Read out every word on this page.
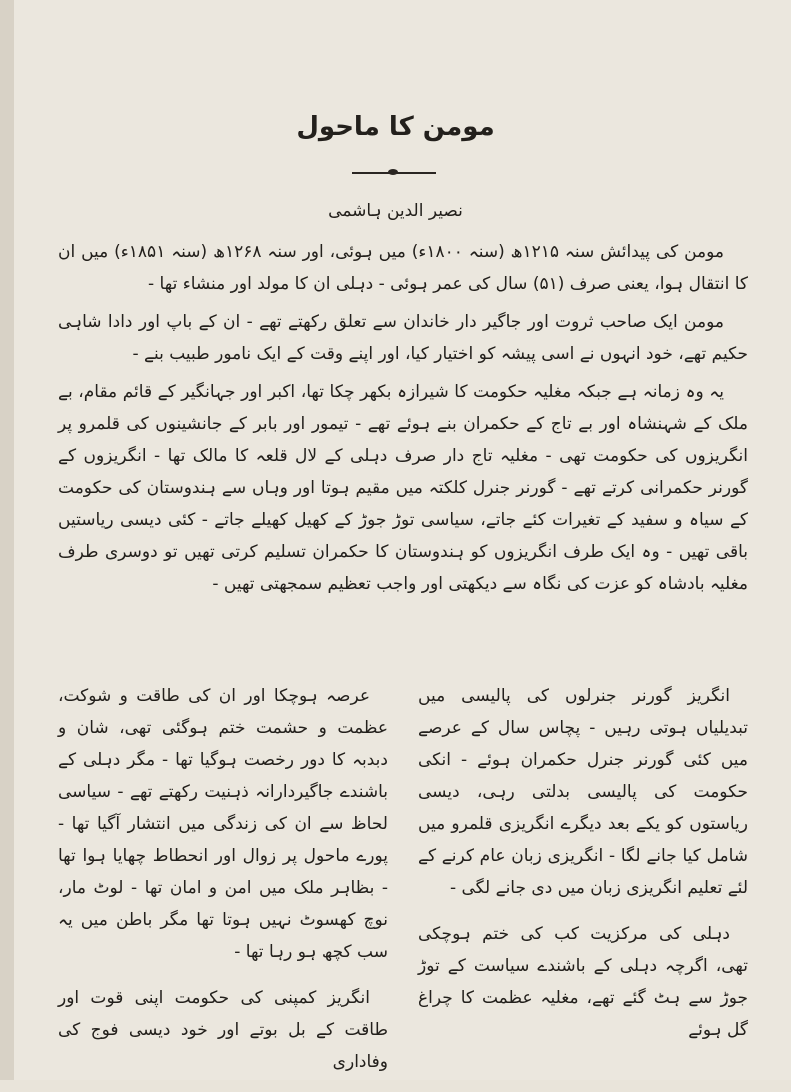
مومن کا ماحول
نصیر الدین ہاشمی

مومن کی پیدائش سنہ ۱۲۱۵ھ (سنہ ۱۸۰۰ء) میں ہوئی، اور سنہ ۱۲۶۸ھ (سنہ ۱۸۵۱ء) میں ان کا انتقال ہوا، یعنی صرف (۵۱) سال کی عمر ہوئی - دہلی ان کا مولد اور منشاء تھا -

مومن ایک صاحب ثروت اور جاگیر دار خاندان سے تعلق رکھتے تھے - ان کے باپ اور دادا شاہی حکیم تھے، خود انہوں نے اسی پیشہ کو اختیار کیا، اور اپنے وقت کے ایک نامور طبیب بنے -

یہ وہ زمانہ ہے جبکہ مغلیہ حکومت کا شیرازہ بکھر چکا تھا، اکبر اور جہانگیر کے قائم مقام، بے ملک کے شہنشاہ اور بے تاج کے حکمران بنے ہوئے تھے - تیمور اور بابر کے جانشینوں کی قلمرو پر انگریزوں کی حکومت تھی - مغلیہ تاج دار صرف دہلی کے لال قلعہ کا مالک تھا - انگریزوں کے گورنر حکمرانی کرتے تھے - گورنر جنرل کلکتہ میں مقیم ہوتا اور وہاں سے ہندوستان کی حکومت کے سیاہ و سفید کے تغیرات کئے جاتے، سیاسی توڑ جوڑ کے کھیل کھیلے جاتے - کئی دیسی ریاستیں باقی تھیں - وہ ایک طرف انگریزوں کو ہندوستان کا حکمران تسلیم کرتی تھیں تو دوسری طرف مغلیہ بادشاہ کو عزت کی نگاہ سے دیکھتی اور واجب تعظیم سمجھتی تھیں -

انگریز گورنر جنرلوں کی پالیسی میں تبدیلیاں ہوتی رہیں - پچاس سال کے عرصے میں کئی گورنر جنرل حکمران ہوئے - انکی حکومت کی پالیسی بدلتی رہی، دیسی ریاستوں کو یکے بعد دیگرے انگریزی قلمرو میں شامل کیا جانے لگا - انگریزی زبان عام کرنے کے لئے تعلیم انگریزی زبان میں دی جانے لگی -

دہلی کی مرکزیت کب کی ختم ہوچکی تھی، اگرچہ دہلی کے باشندے سیاست کے توڑ جوڑ سے ہٹ گئے تھے، مغلیہ عظمت کا چراغ گل ہوئے

عرصہ ہوچکا اور ان کی طاقت و شوکت، عظمت و حشمت ختم ہوگئی تھی، شان و دبدبہ کا دور رخصت ہوگیا تھا - مگر دہلی کے باشندے جاگیردارانہ ذہنیت رکھتے تھے - سیاسی لحاظ سے ان کی زندگی میں انتشار آگیا تھا - پورے ماحول پر زوال اور انحطاط چھایا ہوا تھا - بظاہر ملک میں امن و امان تھا - لوٹ مار، نوچ کھسوٹ نہیں ہوتا تھا مگر باطن میں یہ سب کچھ ہو رہا تھا -

انگریز کمپنی کی حکومت اپنی قوت اور طاقت کے بل بوتے اور خود دیسی فوج کی وفاداری
